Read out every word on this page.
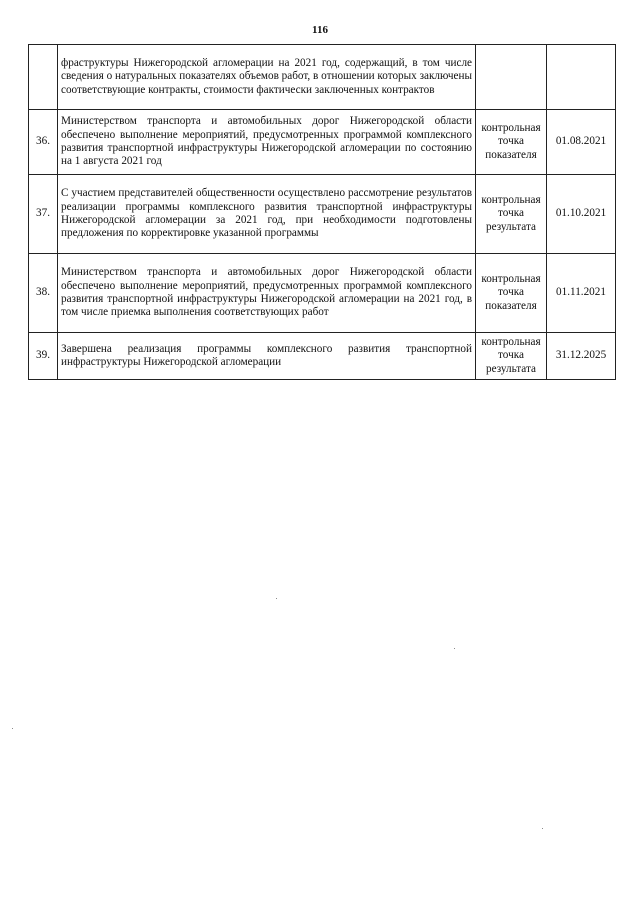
116
	фраструктуры Нижегородской агломерации на 2021 год, содержащий, в том числе сведения о натуральных показателях объемов работ, в отношении которых заключены соответствующие контракты, стоимости фактически заключенных контрактов		
36.	Министерством транспорта и автомобильных дорог Нижегородской области обеспечено выполнение мероприятий, предусмотренных программой комплексного развития транспортной инфраструктуры Нижегородской агломерации по состоянию на 1 августа 2021 год	контрольная точка показателя	01.08.2021
37.	С участием представителей общественности осуществлено рассмотрение результатов реализации программы комплексного развития транспортной инфраструктуры Нижегородской агломерации за 2021 год, при необходимости подготовлены предложения по корректировке указанной программы	контрольная точка результата	01.10.2021
38.	Министерством транспорта и автомобильных дорог Нижегородской области обеспечено выполнение мероприятий, предусмотренных программой комплексного развития транспортной инфраструктуры Нижегородской агломерации на 2021 год, в том числе приемка выполнения соответствующих работ	контрольная точка показателя	01.11.2021
39.	Завершена реализация программы комплексного развития транспортной инфраструктуры Нижегородской агломерации	контрольная точка результата	31.12.2025
